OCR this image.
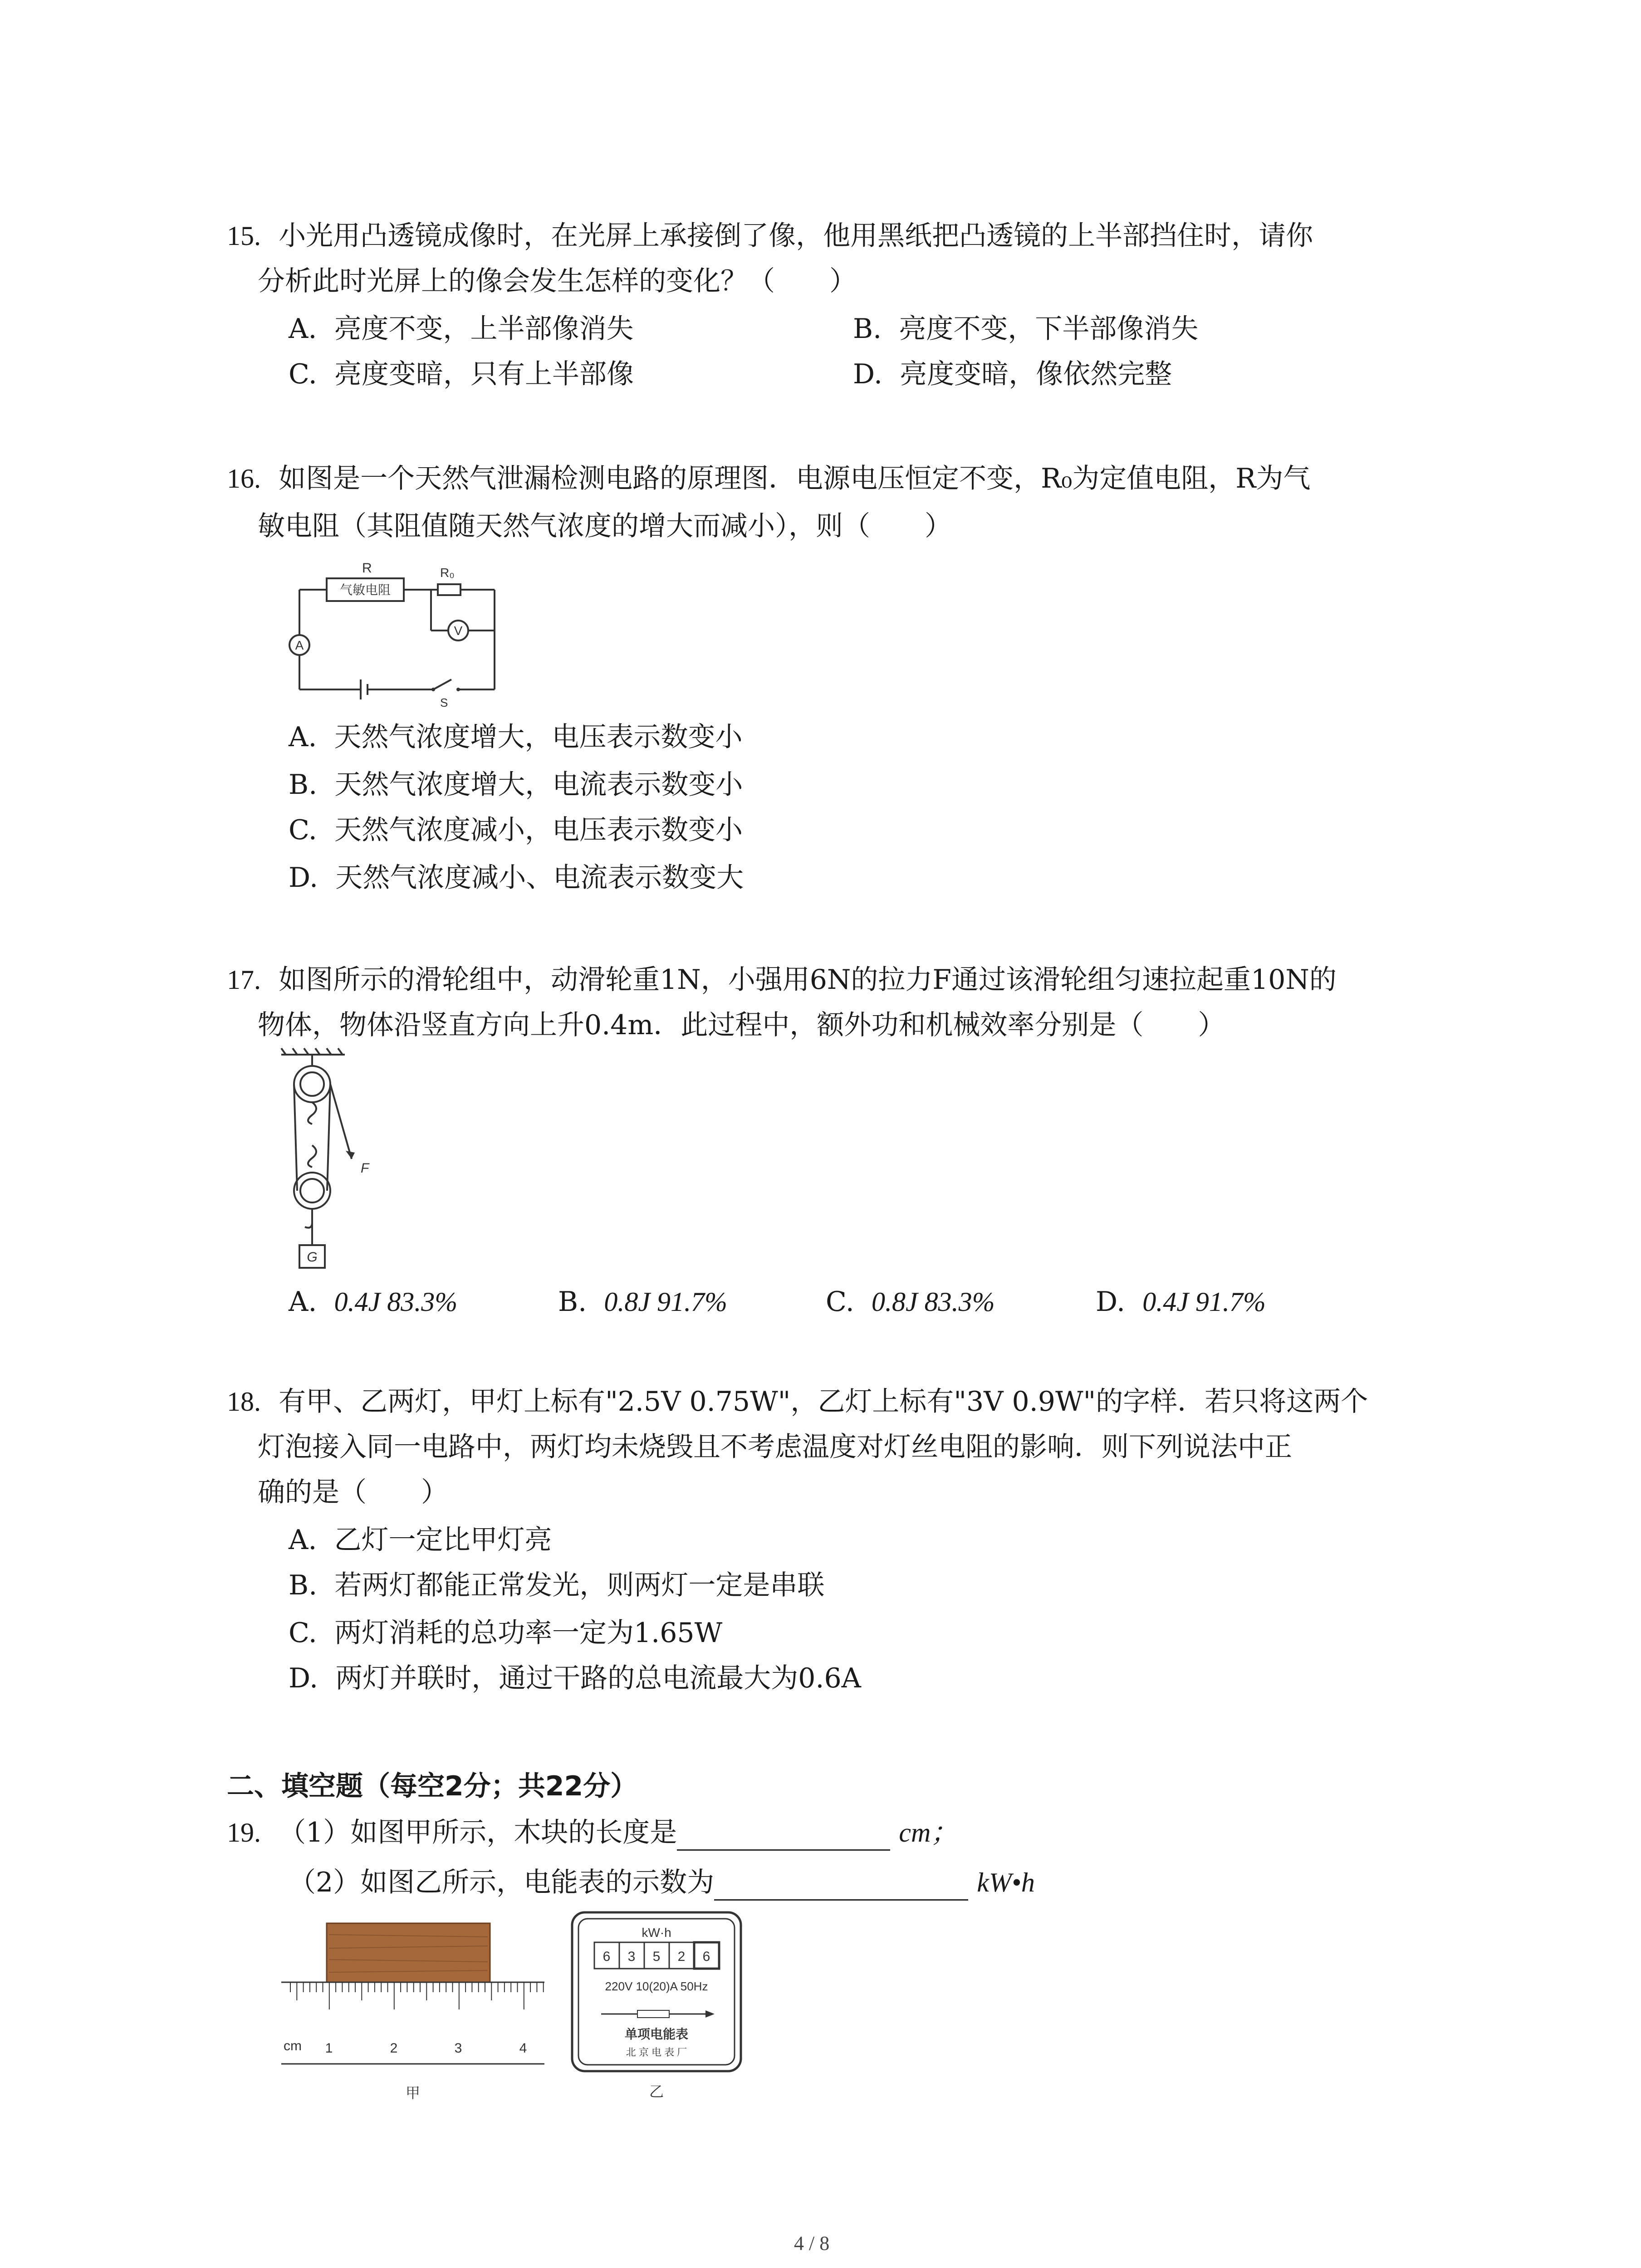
15. 小光用凸透镜成像时，在光屏上承接倒了像，他用黑纸把凸透镜的上半部挡住时，请你
分析此时光屏上的像会发生怎样的变化？（　　）
A. 亮度不变，上半部像消失	B. 亮度不变，下半部像消失
C. 亮度变暗，只有上半部像	D. 亮度变暗，像依然完整
16. 如图是一个天然气泄漏检测电路的原理图．电源电压恒定不变，R₀为定值电阻，R为气
敏电阻（其阻值随天然气浓度的增大而减小），则（　　）
R
气敏电阻
R₀
V
A
S
A. 天然气浓度增大，电压表示数变小
B. 天然气浓度增大，电流表示数变小
C. 天然气浓度减小，电压表示数变小
D. 天然气浓度减小、电流表示数变大
17. 如图所示的滑轮组中，动滑轮重1N，小强用6N的拉力F通过该滑轮组匀速拉起重10N的
物体，物体沿竖直方向上升0.4m．此过程中，额外功和机械效率分别是（　　）
F
G
A. 0.4J 83.3%	B. 0.8J 91.7%	C. 0.8J 83.3%	D. 0.4J 91.7%
18. 有甲、乙两灯，甲灯上标有"2.5V 0.75W"，乙灯上标有"3V 0.9W"的字样．若只将这两个
灯泡接入同一电路中，两灯均未烧毁且不考虑温度对灯丝电阻的影响．则下列说法中正
确的是（　　）
A. 乙灯一定比甲灯亮
B. 若两灯都能正常发光，则两灯一定是串联
C. 两灯消耗的总功率一定为1.65W
D. 两灯并联时，通过干路的总电流最大为0.6A
二、填空题（每空2分；共22分）
19. （1）如图甲所示，木块的长度是	cm；
（2）如图乙所示，电能表的示数为	kW•h
cm 1	2	3	4
甲
kW·h
6 3 5 2 6
220V 10(20)A 50Hz
单项电能表
北 京 电 表 厂
乙
4 / 8
